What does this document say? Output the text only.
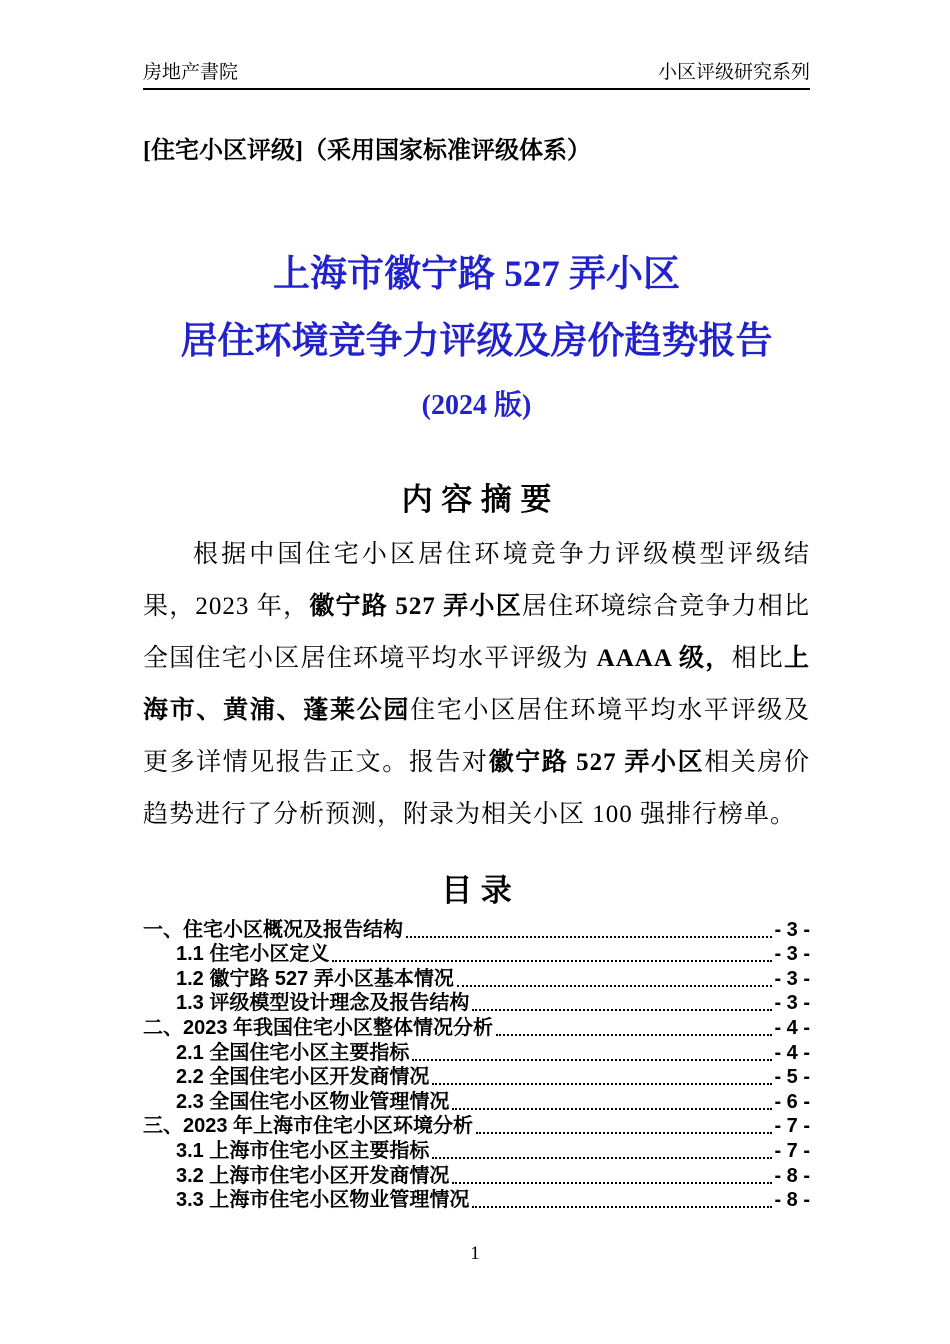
房地产書院	小区评级研究系列
[住宅小区评级]（采用国家标准评级体系）
上海市徽宁路 527 弄小区
居住环境竞争力评级及房价趋势报告
(2024 版)
内 容 摘 要

根据中国住宅小区居住环境竞争力评级模型评级结果，2023 年，徽宁路 527 弄小区居住环境综合竞争力相比全国住宅小区居住环境平均水平评级为 AAAA 级，相比上海市、黄浦、蓬莱公园住宅小区居住环境平均水平评级及更多详情见报告正文。报告对徽宁路 527 弄小区相关房价趋势进行了分析预测，附录为相关小区 100 强排行榜单。

目 录
一、住宅小区概况及报告结构	- 3 -
1.1 住宅小区定义	- 3 -
1.2 徽宁路 527 弄小区基本情况	- 3 -
1.3 评级模型设计理念及报告结构	- 3 -
二、2023 年我国住宅小区整体情况分析	- 4 -
2.1 全国住宅小区主要指标	- 4 -
2.2 全国住宅小区开发商情况	- 5 -
2.3 全国住宅小区物业管理情况	- 6 -
三、2023 年上海市住宅小区环境分析	- 7 -
3.1 上海市住宅小区主要指标	- 7 -
3.2 上海市住宅小区开发商情况	- 8 -
3.3 上海市住宅小区物业管理情况	- 8 -
1
